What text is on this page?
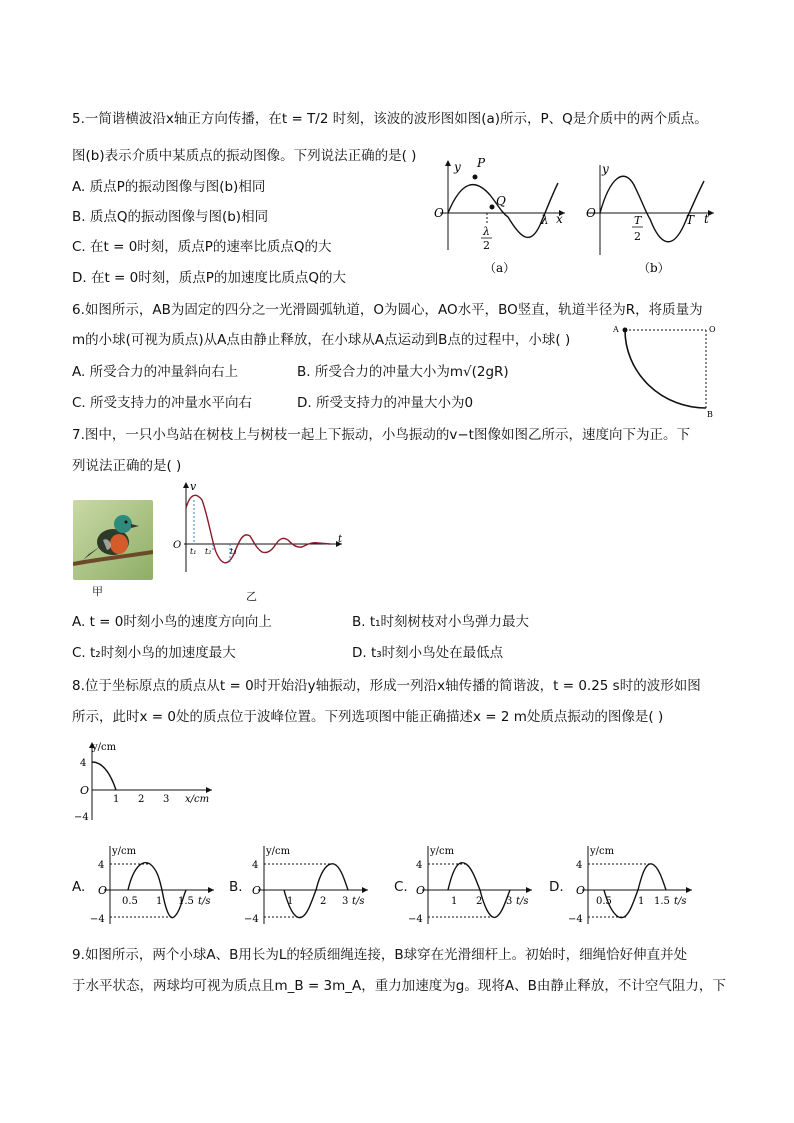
5.一简谐横波沿x轴正方向传播，在t = T/2 时刻，该波的波形图如图(a)所示，P、Q是介质中的两个质点。
图(b)表示介质中某质点的振动图像。下列说法正确的是( )
A. 质点P的振动图像与图(b)相同
B. 质点Q的振动图像与图(b)相同
C. 在t = 0时刻，质点P的速率比质点Q的大
D. 在t = 0时刻，质点P的加速度比质点Q的大
y
O
P
Q
λ
2
λ x
（a）
y
O
T
2
T t
（b）
6.如图所示，AB为固定的四分之一光滑圆弧轨道，O为圆心，AO水平，BO竖直，轨道半径为R，将质量为
m的小球(可视为质点)从A点由静止释放，在小球从A点运动到B点的过程中，小球( )
A. 所受合力的冲量斜向右上	B. 所受合力的冲量大小为m√(2gR)
C. 所受支持力的冲量水平向右	D. 所受支持力的冲量大小为0
A	O
B
7.图中，一只小鸟站在树枝上与树枝一起上下振动，小鸟振动的v−t图像如图乙所示，速度向下为正。下
列说法正确的是( )
甲
v
O
t
t₁ t₂ t₃
乙
A. t = 0时刻小鸟的速度方向向上	B. t₁时刻树枝对小鸟弹力最大
C. t₂时刻小鸟的加速度最大	D. t₃时刻小鸟处在最低点
8.位于坐标原点的质点从t = 0时开始沿y轴振动，形成一列沿x轴传播的简谐波，t = 0.25 s时的波形如图
所示，此时x = 0处的质点位于波峰位置。下列选项图中能正确描述x = 2 m处质点振动的图像是( )
y/cm
4
O
−4
1 2 3 x/cm
A.
y/cm
4
O
−4
0.5 1 1.5 t/s
B.
y/cm
4
O
−4
1	2 3 t/s
C.
y/cm
4
O
−4
1 2 3 t/s
D.
y/cm
4
O
−4
0.5	1 1.5 t/s
9.如图所示，两个小球A、B用长为L的轻质细绳连接，B球穿在光滑细杆上。初始时，细绳恰好伸直并处
于水平状态，两球均可视为质点且m_B = 3m_A，重力加速度为g。现将A、B由静止释放，不计空气阻力，下
